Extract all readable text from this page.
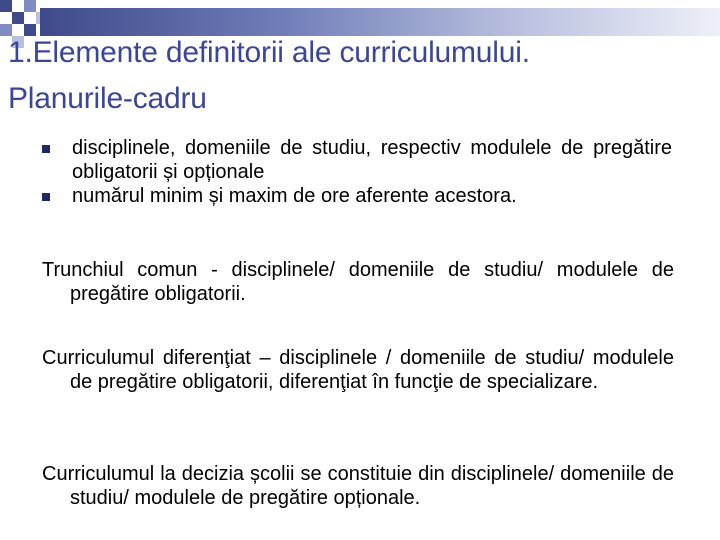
1.Elemente definitorii ale curriculumului.
Planurile-cadru
disciplinele, domeniile de studiu, respectiv modulele de pregătire obligatorii și opționale
numărul minim și maxim de ore aferente acestora.
Trunchiul comun - disciplinele/ domeniile de studiu/ modulele de pregătire obligatorii.
Curriculumul diferenţiat – disciplinele / domeniile de studiu/ modulele de pregătire obligatorii, diferenţiat în funcţie de specializare.
Curriculumul la decizia școlii se constituie din disciplinele/ domeniile de studiu/ modulele de pregătire opționale.
